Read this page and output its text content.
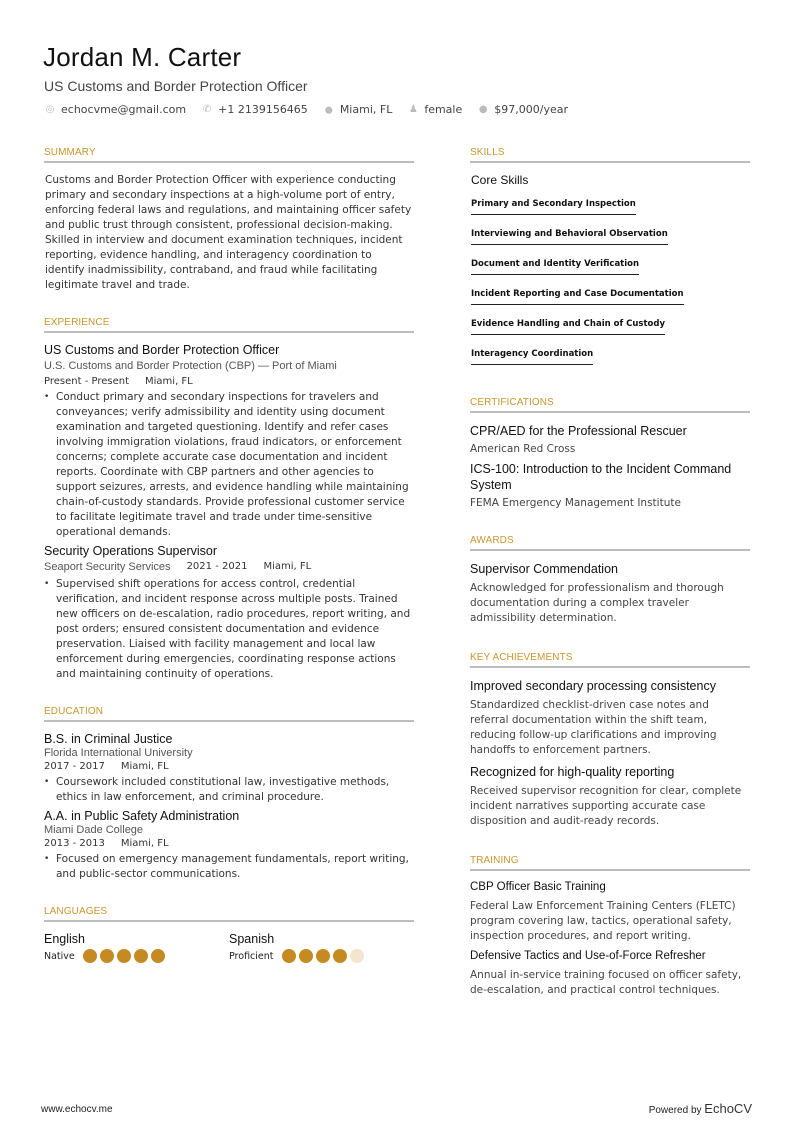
Jordan M. Carter
US Customs and Border Protection Officer
◎ echocvme@gmail.com ✆ +1 2139156465 ⬤ Miami, FL ♟ female ● $97,000/year
SUMMARY
Customs and Border Protection Officer with experience conducting primary and secondary inspections at a high-volume port of entry, enforcing federal laws and regulations, and maintaining officer safety and public trust through consistent, professional decision-making.
Skilled in interview and document examination techniques, incident reporting, evidence handling, and interagency coordination to identify inadmissibility, contraband, and fraud while facilitating legitimate travel and trade.
EXPERIENCE
US Customs and Border Protection Officer
U.S. Customs and Border Protection (CBP) — Port of Miami
Present - Present Miami, FL
• Conduct primary and secondary inspections for travelers and conveyances; verify admissibility and identity using document examination and targeted questioning. Identify and refer cases involving immigration violations, fraud indicators, or enforcement concerns; complete accurate case documentation and incident reports. Coordinate with CBP partners and other agencies to support seizures, arrests, and evidence handling while maintaining chain-of-custody standards. Provide professional customer service to facilitate legitimate travel and trade under time-sensitive operational demands.
Security Operations Supervisor
Seaport Security Services 2021 - 2021 Miami, FL
• Supervised shift operations for access control, credential verification, and incident response across multiple posts. Trained new officers on de-escalation, radio procedures, report writing, and post orders; ensured consistent documentation and evidence preservation. Liaised with facility management and local law enforcement during emergencies, coordinating response actions and maintaining continuity of operations.
EDUCATION
B.S. in Criminal Justice
Florida International University
2017 - 2017 Miami, FL
• Coursework included constitutional law, investigative methods, ethics in law enforcement, and criminal procedure.
A.A. in Public Safety Administration
Miami Dade College
2013 - 2013 Miami, FL
• Focused on emergency management fundamentals, report writing, and public-sector communications.
LANGUAGES
English
Native
Spanish
Proficient
SKILLS
Core Skills
Primary and Secondary Inspection
Interviewing and Behavioral Observation
Document and Identity Verification
Incident Reporting and Case Documentation
Evidence Handling and Chain of Custody
Interagency Coordination
CERTIFICATIONS
CPR/AED for the Professional Rescuer
American Red Cross
ICS-100: Introduction to the Incident Command System
FEMA Emergency Management Institute
AWARDS
Supervisor Commendation
Acknowledged for professionalism and thorough documentation during a complex traveler admissibility determination.
KEY ACHIEVEMENTS
Improved secondary processing consistency
Standardized checklist-driven case notes and referral documentation within the shift team, reducing follow-up clarifications and improving handoffs to enforcement partners.
Recognized for high-quality reporting
Received supervisor recognition for clear, complete incident narratives supporting accurate case disposition and audit-ready records.
TRAINING
CBP Officer Basic Training
Federal Law Enforcement Training Centers (FLETC) program covering law, tactics, operational safety, inspection procedures, and report writing.
Defensive Tactics and Use-of-Force Refresher
Annual in-service training focused on officer safety, de-escalation, and practical control techniques.
www.echocv.me	Powered by EchoCV
